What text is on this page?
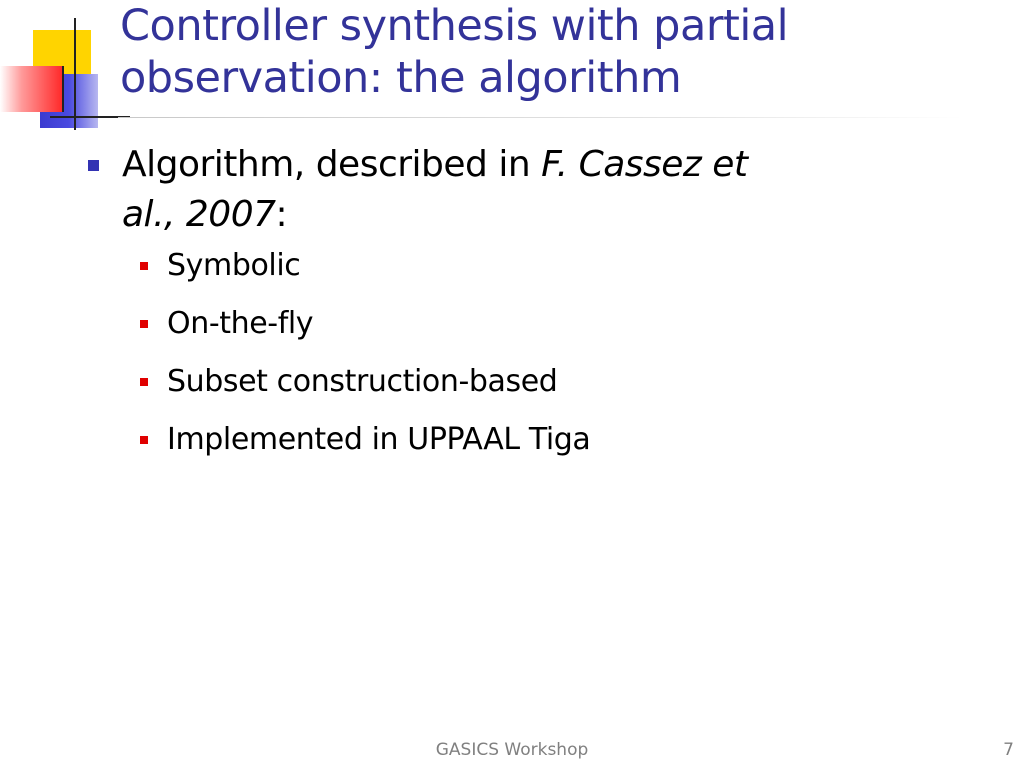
Controller synthesis with partial
observation: the algorithm
Algorithm, described in F. Cassez et
al., 2007:
Symbolic
On-the-fly
Subset construction-based
Implemented in UPPAAL Tiga
GASICS Workshop	7
